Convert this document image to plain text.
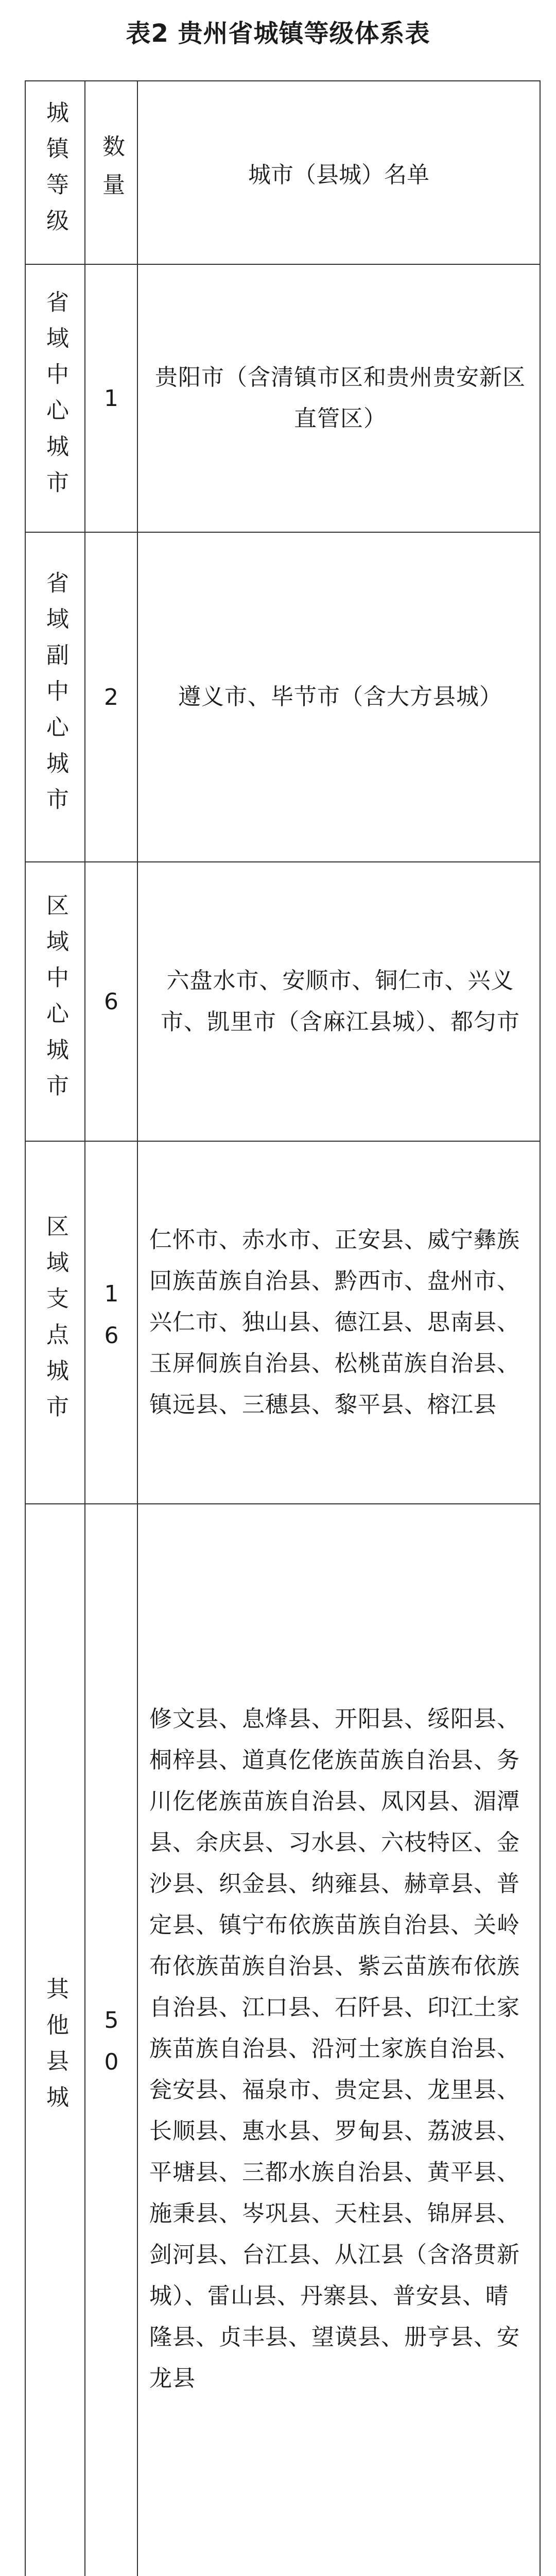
表2 贵州省城镇等级体系表
城镇等级	数量	城市（县城）名单

省域中心城市	1	贵阳市（含清镇市区和贵州贵安新区直管区）

省域副中心城市	2	遵义市、毕节市（含大方县城）

区域中心城市	6	六盘水市、安顺市、铜仁市、兴义市、凯里市（含麻江县城）、都匀市

区域支点城市	16	仁怀市、赤水市、正安县、威宁彝族回族苗族自治县、黔西市、盘州市、兴仁市、独山县、德江县、思南县、玉屏侗族自治县、松桃苗族自治县、镇远县、三穗县、黎平县、榕江县

其他县城	50	修文县、息烽县、开阳县、绥阳县、桐梓县、道真仡佬族苗族自治县、务川仡佬族苗族自治县、凤冈县、湄潭县、余庆县、习水县、六枝特区、金沙县、织金县、纳雍县、赫章县、普定县、镇宁布依族苗族自治县、关岭布依族苗族自治县、紫云苗族布依族自治县、江口县、石阡县、印江土家族苗族自治县、沿河土家族自治县、瓮安县、福泉市、贵定县、龙里县、长顺县、惠水县、罗甸县、荔波县、平塘县、三都水族自治县、黄平县、施秉县、岑巩县、天柱县、锦屏县、剑河县、台江县、从江县（含洛贯新城）、雷山县、丹寨县、普安县、晴隆县、贞丰县、望谟县、册亨县、安龙县
